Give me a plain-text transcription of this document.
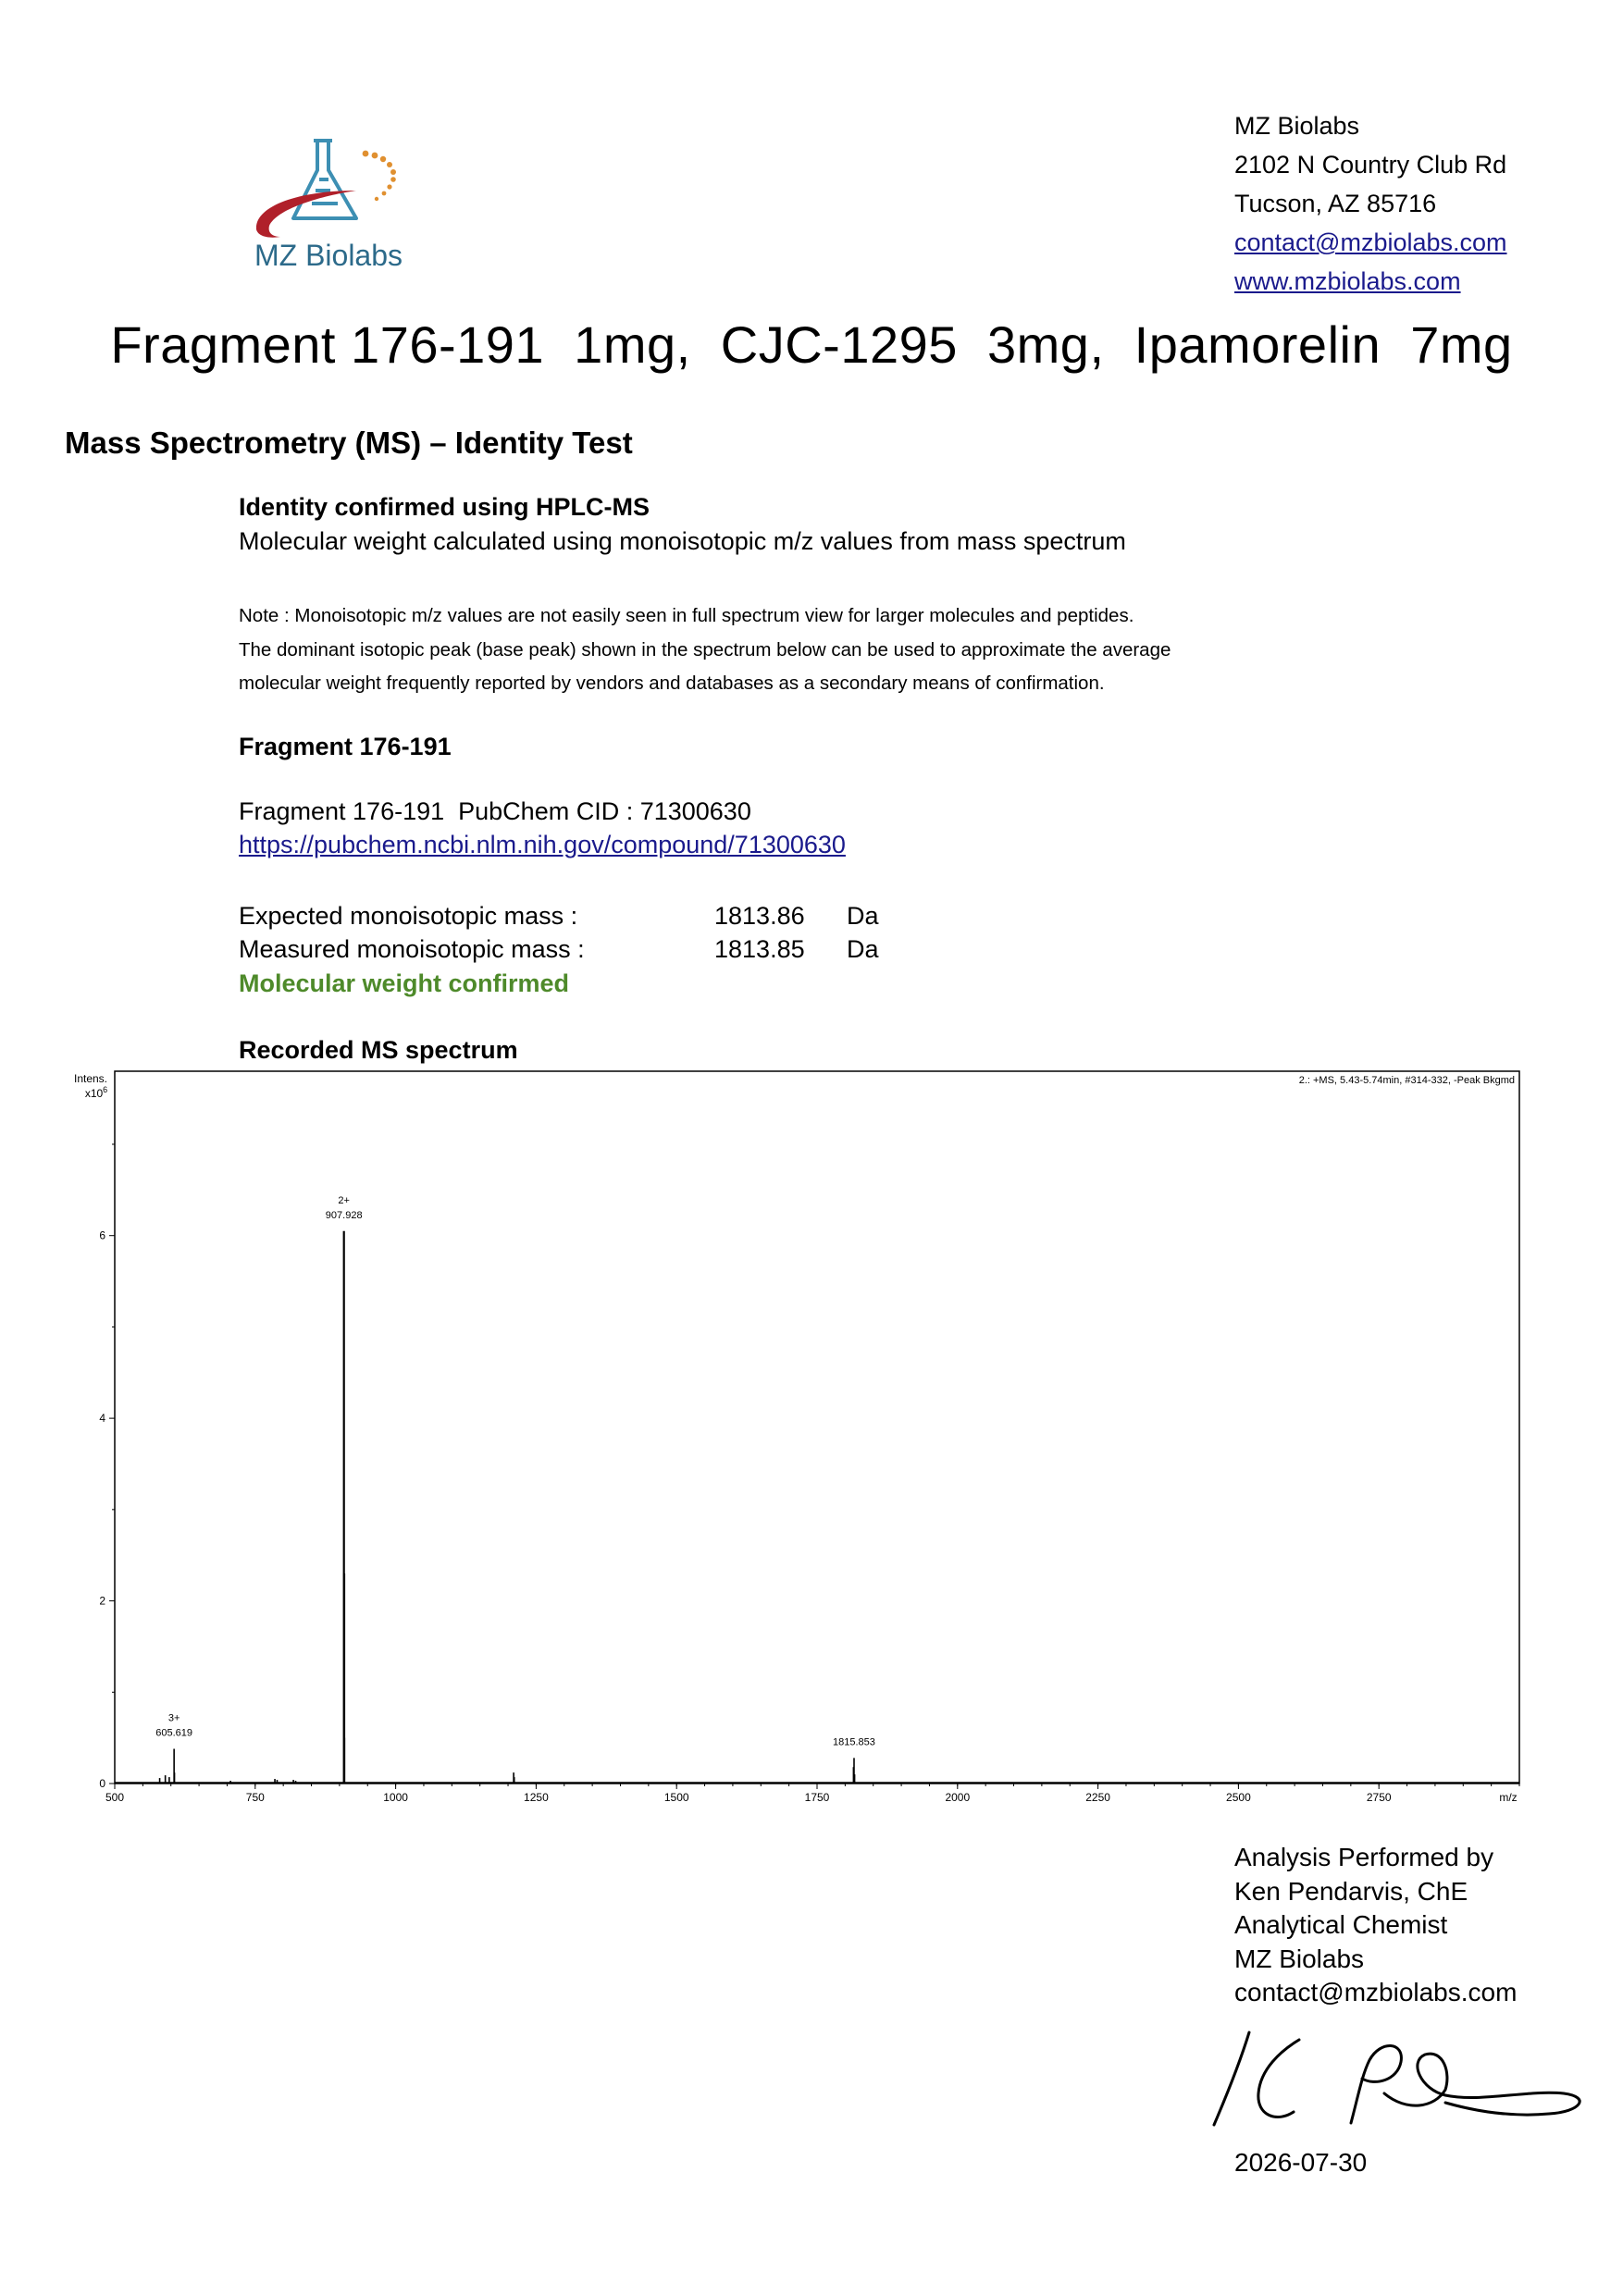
MZ Biolabs
MZ Biolabs
2102 N Country Club Rd
Tucson, AZ 85716
contact@mzbiolabs.com
www.mzbiolabs.com
Fragment 176-191  1mg,  CJC-1295  3mg,  Ipamorelin  7mg
Mass Spectrometry (MS) – Identity Test
Identity confirmed using HPLC-MS
Molecular weight calculated using monoisotopic m/z values from mass spectrum
Note : Monoisotopic m/z values are not easily seen in full spectrum view for larger molecules and peptides.
The dominant isotopic peak (base peak) shown in the spectrum below can be used to approximate the average
molecular weight frequently reported by vendors and databases as a secondary means of confirmation.
Fragment 176-191
Fragment 176-191  PubChem CID : 71300630
https://pubchem.ncbi.nlm.nih.gov/compound/71300630
Expected monoisotopic mass :	1813.86 Da
Measured monoisotopic mass :	1813.85 Da
Molecular weight confirmed
Recorded MS spectrum
Intens.
$x10^6$
2.: +MS, 5.43-5.74min, #314-332, -Peak Bkgmd
m/z
500	750	1000	1250	1500	1750	2000	2250	2500	2750
0
2
4
6
3+
605.619
2+
907.928
1815.853
Analysis Performed by
Ken Pendarvis, ChE
Analytical Chemist
MZ Biolabs
contact@mzbiolabs.com
2026-07-30
